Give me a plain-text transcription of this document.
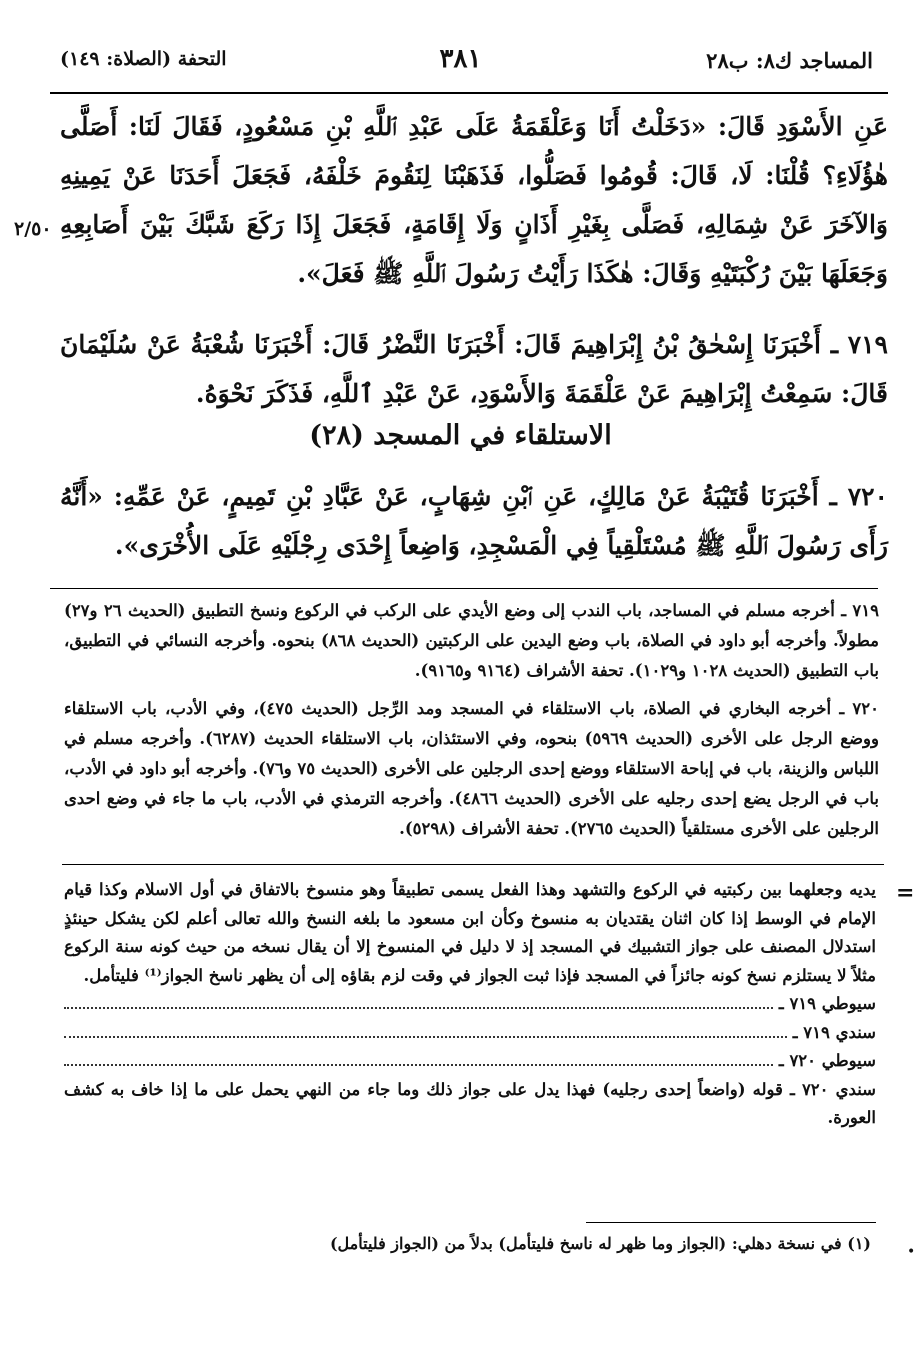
المساجد ك٨: ب٢٨
٣٨١
التحفة (الصلاة: ١٤٩)
٢/٥٠
عَنِ الأَسْوَدِ قَالَ: «دَخَلْتُ أَنَا وَعَلْقَمَةُ عَلَى عَبْدِ ٱللَّهِ بْنِ مَسْعُودٍ، فَقَالَ لَنَا: أَصَلَّى هٰؤُلَاءِ؟ قُلْنَا: لَا، قَالَ: قُومُوا فَصَلُّوا، فَذَهَبْنَا لِنَقُومَ خَلْفَهُ، فَجَعَلَ أَحَدَنَا عَنْ يَمِينِهِ وَالآخَرَ عَنْ شِمَالِهِ، فَصَلَّى بِغَيْرِ أَذَانٍ وَلَا إِقَامَةٍ، فَجَعَلَ إِذَا رَكَعَ شَبَّكَ بَيْنَ أَصَابِعِهِ وَجَعَلَهَا بَيْنَ رُكْبَتَيْهِ وَقَالَ: هٰكَذَا رَأَيْتُ رَسُولَ ٱللَّهِ ﷺ فَعَلَ».
٧١٩ ـ أَخْبَرَنَا إِسْحٰقُ بْنُ إِبْرَاهِيمَ قَالَ: أَخْبَرَنَا النَّضْرُ قَالَ: أَخْبَرَنَا شُعْبَةُ عَنْ سُلَيْمَانَ قَالَ: سَمِعْتُ إِبْرَاهِيمَ عَنْ عَلْقَمَةَ وَالأَسْوَدِ، عَنْ عَبْدِ ٱللَّهِ، فَذَكَرَ نَحْوَهُ.
(٢٨) الاستلقاء في المسجد
٧٢٠ ـ أَخْبَرَنَا قُتَيْبَةُ عَنْ مَالِكٍ، عَنِ ٱبْنِ شِهَابٍ، عَنْ عَبَّادِ بْنِ تَمِيمٍ، عَنْ عَمِّهِ: «أَنَّهُ رَأَى رَسُولَ ٱللَّهِ ﷺ مُسْتَلْقِياً فِي الْمَسْجِدِ، وَاضِعاً إِحْدَى رِجْلَيْهِ عَلَى الأُخْرَى».
٧١٩ ـ أخرجه مسلم في المساجد، باب الندب إلى وضع الأيدي على الركب في الركوع ونسخ التطبيق (الحديث ٢٦ و٢٧) مطولاً. وأخرجه أبو داود في الصلاة، باب وضع اليدين على الركبتين (الحديث ٨٦٨) بنحوه. وأخرجه النسائي في التطبيق، باب التطبيق (الحديث ١٠٢٨ و١٠٢٩). تحفة الأشراف (٩١٦٤ و٩١٦٥).
٧٢٠ ـ أخرجه البخاري في الصلاة، باب الاستلقاء في المسجد ومد الرِّجل (الحديث ٤٧٥)، وفي الأدب، باب الاستلقاء ووضع الرجل على الأخرى (الحديث ٥٩٦٩) بنحوه، وفي الاستئذان، باب الاستلقاء الحديث (٦٢٨٧). وأخرجه مسلم في اللباس والزينة، باب في إباحة الاستلقاء ووضع إحدى الرجلين على الأخرى (الحديث ٧٥ و٧٦). وأخرجه أبو داود في الأدب، باب في الرجل يضع إحدى رجليه على الأخرى (الحديث ٤٨٦٦). وأخرجه الترمذي في الأدب، باب ما جاء في وضع احدى الرجلين على الأخرى مستلقياً (الحديث ٢٧٦٥). تحفة الأشراف (٥٢٩٨).
=

يديه وجعلهما بين ركبتيه في الركوع والتشهد وهذا الفعل يسمى تطبيقاً وهو منسوخ بالاتفاق في أول الاسلام وكذا قيام الإمام في الوسط إذا كان اثنان يقتديان به منسوخ وكأن ابن مسعود ما بلغه النسخ والله تعالى أعلم لكن يشكل حينئذٍ استدلال المصنف على جواز التشبيك في المسجد إذ لا دليل في المنسوخ إلا أن يقال نسخه من حيث كونه سنة الركوع مثلاً لا يستلزم نسخ كونه جائزاً في المسجد فإذا ثبت الجواز في وقت لزم بقاؤه إلى أن يظهر ناسخ الجواز⁽¹⁾ فليتأمل.

سيوطي ٧١٩ ـ
سندي ٧١٩ ـ
سيوطي ٧٢٠ ـ

سندي ٧٢٠ ـ قوله (واضعاً إحدى رجليه) فهذا يدل على جواز ذلك وما جاء من النهي يحمل على ما إذا خاف به كشف العورة.

(١) في نسخة دهلي: (الجواز وما ظهر له ناسخ فليتأمل) بدلاً من (الجواز فليتأمل)	•
